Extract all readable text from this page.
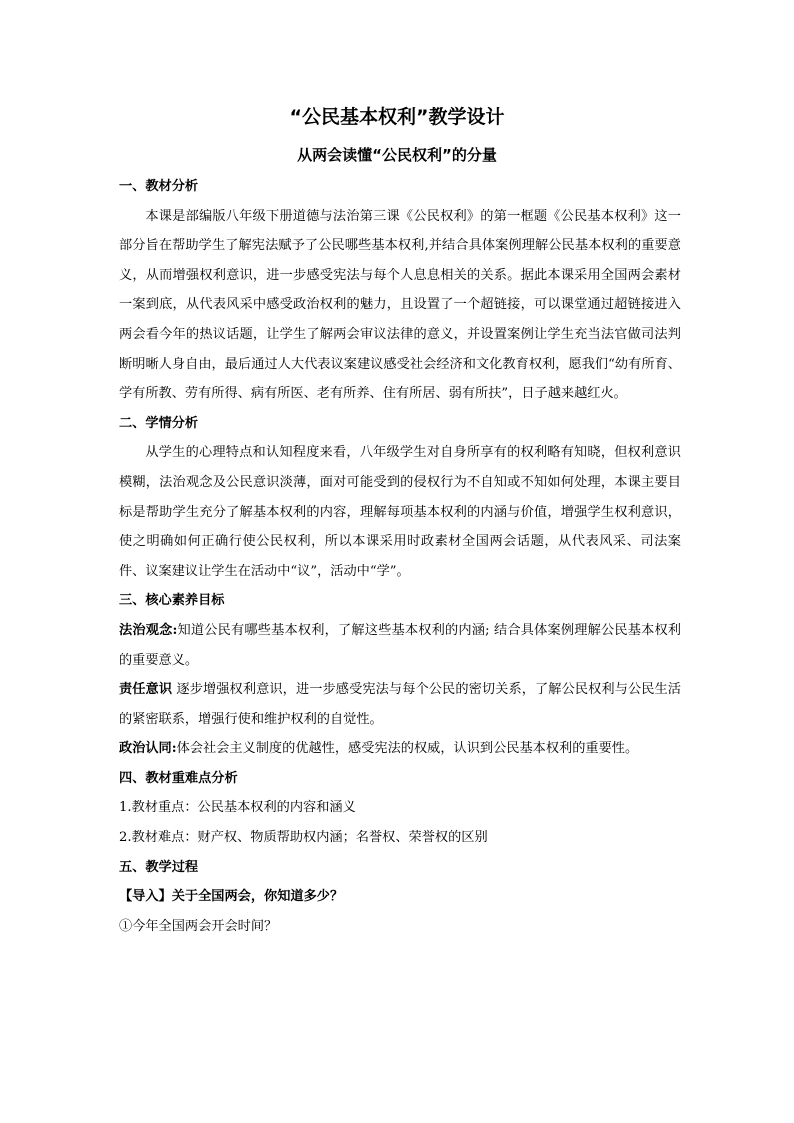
“公民基本权利”教学设计
从两会读懂“公民权利”的分量

一、教材分析

本课是部编版八年级下册道德与法治第三课《公民权利》的第一框题《公民基本权利》这一部分旨在帮助学生了解宪法赋予了公民哪些基本权利,并结合具体案例理解公民基本权利的重要意义，从而增强权利意识，进一步感受宪法与每个人息息相关的关系。据此本课采用全国两会素材一案到底，从代表风采中感受政治权利的魅力，且设置了一个超链接，可以课堂通过超链接进入两会看今年的热议话题，让学生了解两会审议法律的意义，并设置案例让学生充当法官做司法判断明晰人身自由，最后通过人大代表议案建议感受社会经济和文化教育权利，愿我们“幼有所育、学有所教、劳有所得、病有所医、老有所养、住有所居、弱有所扶”，日子越来越红火。

二、学情分析

从学生的心理特点和认知程度来看，八年级学生对自身所享有的权利略有知晓，但权利意识模糊，法治观念及公民意识淡薄，面对可能受到的侵权行为不自知或不知如何处理，本课主要目标是帮助学生充分了解基本权利的内容，理解每项基本权利的内涵与价值，增强学生权利意识，使之明确如何正确行使公民权利，所以本课采用时政素材全国两会话题，从代表风采、司法案件、议案建议让学生在活动中“议”，活动中“学”。

三、核心素养目标

法治观念:知道公民有哪些基本权利，了解这些基本权利的内涵; 结合具体案例理解公民基本权利的重要意义。

责任意识 逐步增强权利意识，进一步感受宪法与每个公民的密切关系，了解公民权利与公民生活的紧密联系，增强行使和维护权利的自觉性。

政治认同:体会社会主义制度的优越性，感受宪法的权威，认识到公民基本权利的重要性。

四、教材重难点分析

1.教材重点：公民基本权利的内容和涵义

2.教材难点：财产权、物质帮助权内涵；名誉权、荣誉权的区别

五、教学过程

【导入】关于全国两会，你知道多少？

①今年全国两会开会时间？
